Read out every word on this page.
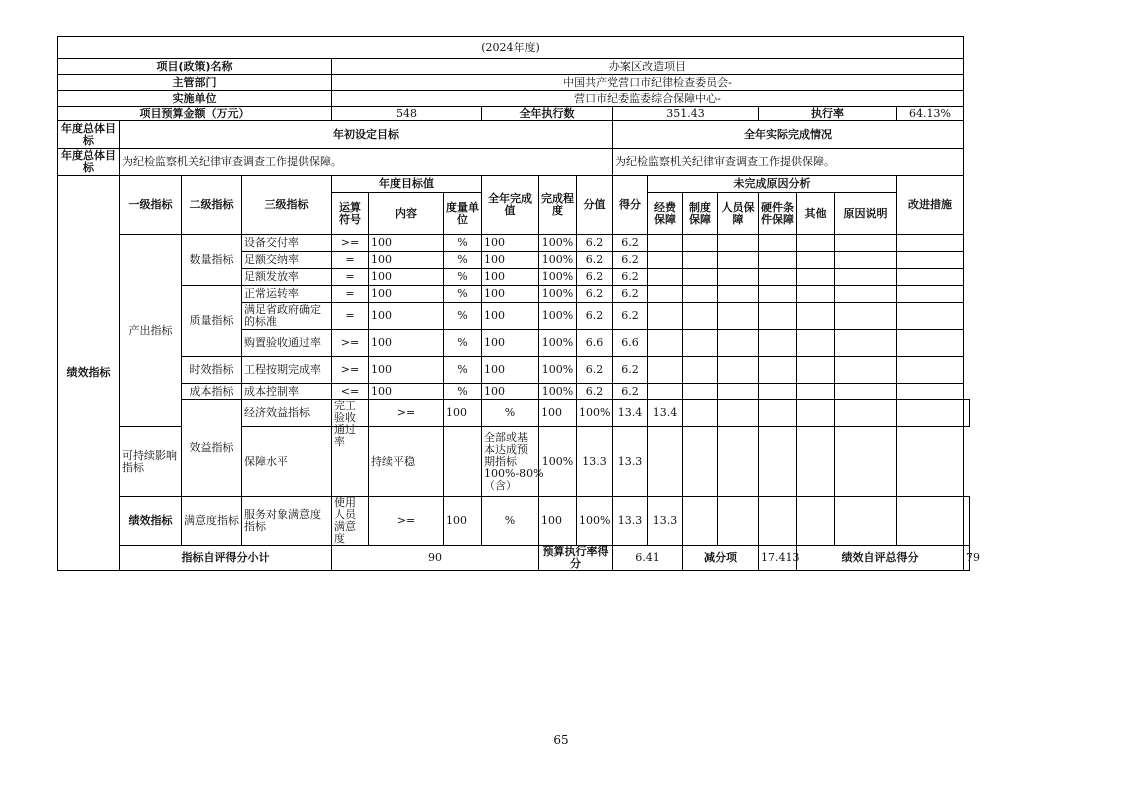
(2024年度)																		
项目(政策)名称				办案区改造项目														
主管部门				中国共产党营口市纪律检查委员会-														
实施单位				营口市纪委监委综合保障中心-														
项目预算金额（万元）				548			全年执行数			351.43				执行率			64.13%	
年度总体目标	年初设定目标									全年实际完成情况								
年度总体目标	为纪检监察机关纪律审查调查工作提供保障。									为纪检监察机关纪律审查调查工作提供保障。								
绩效指标	一级指标	二级指标	三级指标	年度目标值			全年完成值	完成程度	分值	得分	未完成原因分析						改进措施	
				运算符号	内容	度量单位					经费保障	制度保障	人员保障	硬件条件保障	其他	原因说明		
	产出指标	数量指标	设备交付率	>=	100	%	100	100%	6.2	6.2								
			足额交纳率	=	100	%	100	100%	6.2	6.2								
			足额发放率	=	100	%	100	100%	6.2	6.2								
		质量指标	正常运转率	=	100	%	100	100%	6.2	6.2								

			满足省政府确定的标准	=	100	%	100	100%	6.2	6.2								

			购置验收通过率	>=	100	%	100	100%	6.6	6.6								
		时效指标	工程按期完成率	>=	100	%	100	100%	6.2	6.2								
		成本指标	成本控制率	<=	100	%	100	100%	6.2	6.2								
		效益指标	经济效益指标	完工验收通过率	>=	100	%	100	100%	13.4	13.4							
	可持续影响指标		保障水平		持续平稳		全部或基本达成预期指标100%-80%（含）	100%	13.3	13.3								
	绩效指标	满意度指标	服务对象满意度指标	使用人员满意度	>=	100	%	100	100%	13.3	13.3							
	指标自评得分小计			90				预算执行率得分		6.41		减分项		17.413	绩效自评总得分			79
65
